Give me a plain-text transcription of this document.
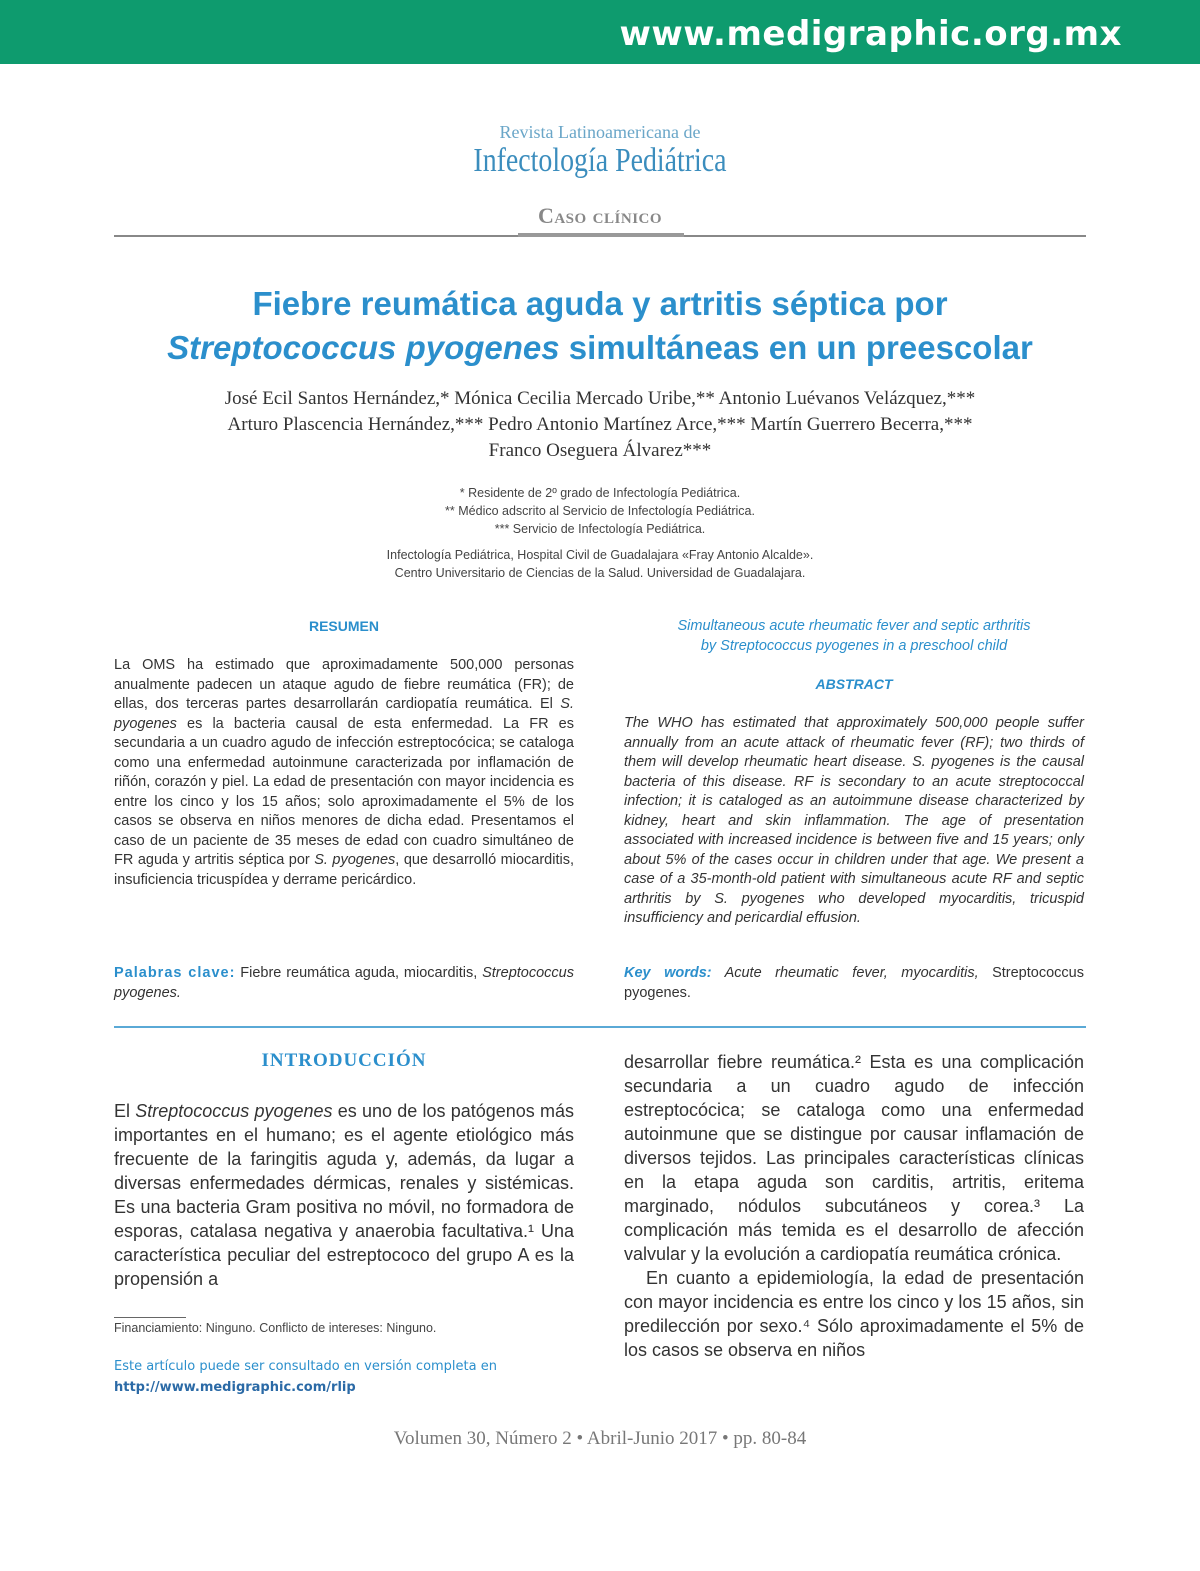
www.medigraphic.org.mx
Revista Latinoamericana de
Infectología Pediátrica
Caso clínico
Fiebre reumática aguda y artritis séptica por
Streptococcus pyogenes simultáneas en un preescolar
José Ecil Santos Hernández,* Mónica Cecilia Mercado Uribe,** Antonio Luévanos Velázquez,***
Arturo Plascencia Hernández,*** Pedro Antonio Martínez Arce,*** Martín Guerrero Becerra,***
Franco Oseguera Álvarez***
* Residente de 2º grado de Infectología Pediátrica.
** Médico adscrito al Servicio de Infectología Pediátrica.
*** Servicio de Infectología Pediátrica.
Infectología Pediátrica, Hospital Civil de Guadalajara «Fray Antonio Alcalde».
Centro Universitario de Ciencias de la Salud. Universidad de Guadalajara.
RESUMEN
La OMS ha estimado que aproximadamente 500,000 personas anualmente padecen un ataque agudo de fiebre reumática (FR); de ellas, dos terceras partes desarrollarán cardiopatía reumática. El S. pyogenes es la bacteria causal de esta enfermedad. La FR es secundaria a un cuadro agudo de infección estreptocócica; se cataloga como una enfermedad autoinmune caracterizada por inflamación de riñón, corazón y piel. La edad de presentación con mayor incidencia es entre los cinco y los 15 años; solo aproximadamente el 5% de los casos se observa en niños menores de dicha edad. Presentamos el caso de un paciente de 35 meses de edad con cuadro simultáneo de FR aguda y artritis séptica por S. pyogenes, que desarrolló miocarditis, insuficiencia tricuspídea y derrame pericárdico.
Palabras clave: Fiebre reumática aguda, miocarditis, Streptococcus pyogenes.
Simultaneous acute rheumatic fever and septic arthritis
by Streptococcus pyogenes in a preschool child
ABSTRACT
The WHO has estimated that approximately 500,000 people suffer annually from an acute attack of rheumatic fever (RF); two thirds of them will develop rheumatic heart disease. S. pyogenes is the causal bacteria of this disease. RF is secondary to an acute streptococcal infection; it is cataloged as an autoimmune disease characterized by kidney, heart and skin inflammation. The age of presentation associated with increased incidence is between five and 15 years; only about 5% of the cases occur in children under that age. We present a case of a 35-month-old patient with simultaneous acute RF and septic arthritis by S. pyogenes who developed myocarditis, tricuspid insufficiency and pericardial effusion.
Key words: Acute rheumatic fever, myocarditis, Streptococcus pyogenes.
INTRODUCCIÓN
El Streptococcus pyogenes es uno de los patógenos más importantes en el humano; es el agente etiológico más frecuente de la faringitis aguda y, además, da lugar a diversas enfermedades dérmicas, renales y sistémicas. Es una bacteria Gram positiva no móvil, no formadora de esporas, catalasa negativa y anaerobia facultativa.¹ Una característica peculiar del estreptococo del grupo A es la propensión a
desarrollar fiebre reumática.² Esta es una complicación secundaria a un cuadro agudo de infección estreptocócica; se cataloga como una enfermedad autoinmune que se distingue por causar inflamación de diversos tejidos. Las principales características clínicas en la etapa aguda son carditis, artritis, eritema marginado, nódulos subcutáneos y corea.³ La complicación más temida es el desarrollo de afección valvular y la evolución a cardiopatía reumática crónica.
En cuanto a epidemiología, la edad de presentación con mayor incidencia es entre los cinco y los 15 años, sin predilección por sexo.⁴ Sólo aproximadamente el 5% de los casos se observa en niños
Financiamiento: Ninguno. Conflicto de intereses: Ninguno.
Este artículo puede ser consultado en versión completa en
http://www.medigraphic.com/rlip
Volumen 30, Número 2 • Abril-Junio 2017 • pp. 80-84
